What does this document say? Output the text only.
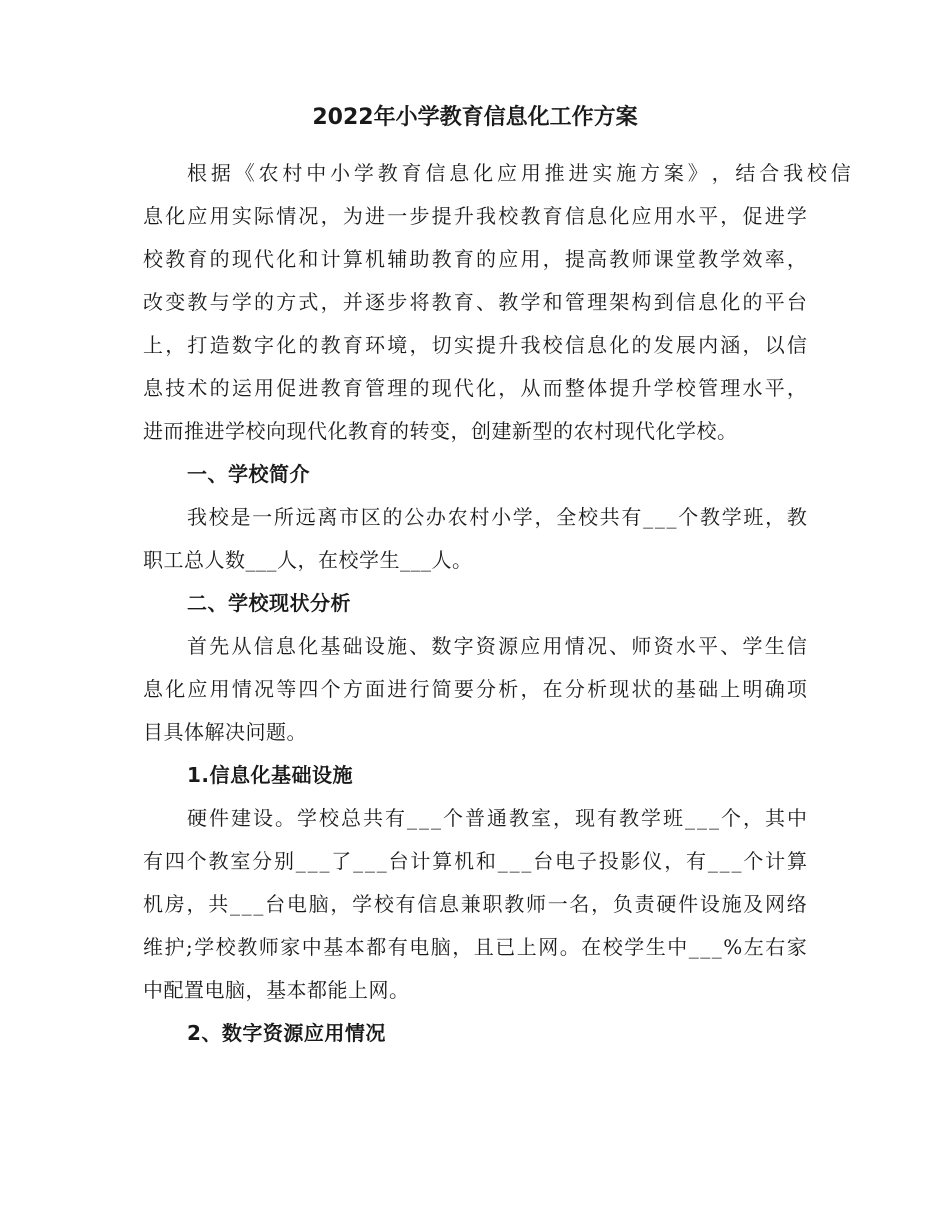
2022年小学教育信息化工作方案
根 据 《 农 村 中 小 学 教 育 信 息 化 应 用 推 进 实 施 方 案 》 ， 结 合 我 校 信
息 化 应 用 实 际 情 况 ， 为 进 一 步 提 升 我 校 教 育 信 息 化 应 用 水 平 ， 促 进 学
校 教 育 的 现 代 化 和 计 算 机 辅 助 教 育 的 应 用 ， 提 高 教 师 课 堂 教 学 效 率 ，
改 变 教 与 学 的 方 式 ， 并 逐 步 将 教 育 、 教 学 和 管 理 架 构 到 信 息 化 的 平 台
上 ， 打 造 数 字 化 的 教 育 环 境 ， 切 实 提 升 我 校 信 息 化 的 发 展 内 涵 ， 以 信
息 技 术 的 运 用 促 进 教 育 管 理 的 现 代 化 ， 从 而 整 体 提 升 学 校 管 理 水 平 ，
进而推进学校向现代化教育的转变，创建新型的农村现代化学校。
一、学校简介
我 校 是 一 所 远 离 市 区 的 公 办 农 村 小 学 ， 全 校 共 有 _ _ _ 个 教 学 班 ， 教
职工总人数___人，在校学生___人。
二、学校现状分析
首 先 从 信 息 化 基 础 设 施 、 数 字 资 源 应 用 情 况 、 师 资 水 平 、 学 生 信
息 化 应 用 情 况 等 四 个 方 面 进 行 简 要 分 析 ， 在 分 析 现 状 的 基 础 上 明 确 项
目具体解决问题。
1.信息化基础设施
硬 件 建 设 。 学 校 总 共 有 _ _ _ 个 普 通 教 室 ， 现 有 教 学 班 _ _ _ 个 ， 其 中
有 四 个 教 室 分 别 _ _ _ 了 _ _ _ 台 计 算 机 和 _ _ _ 台 电 子 投 影 仪 ， 有 _ _ _ 个 计 算
机 房 ， 共 _ _ _ 台 电 脑 ， 学 校 有 信 息 兼 职 教 师 一 名 ， 负 责 硬 件 设 施 及 网 络
维 护 ; 学 校 教 师 家 中 基 本 都 有 电 脑 ， 且 已 上 网 。 在 校 学 生 中 _ _ _ % 左 右 家
中配置电脑，基本都能上网。
2、数字资源应用情况
